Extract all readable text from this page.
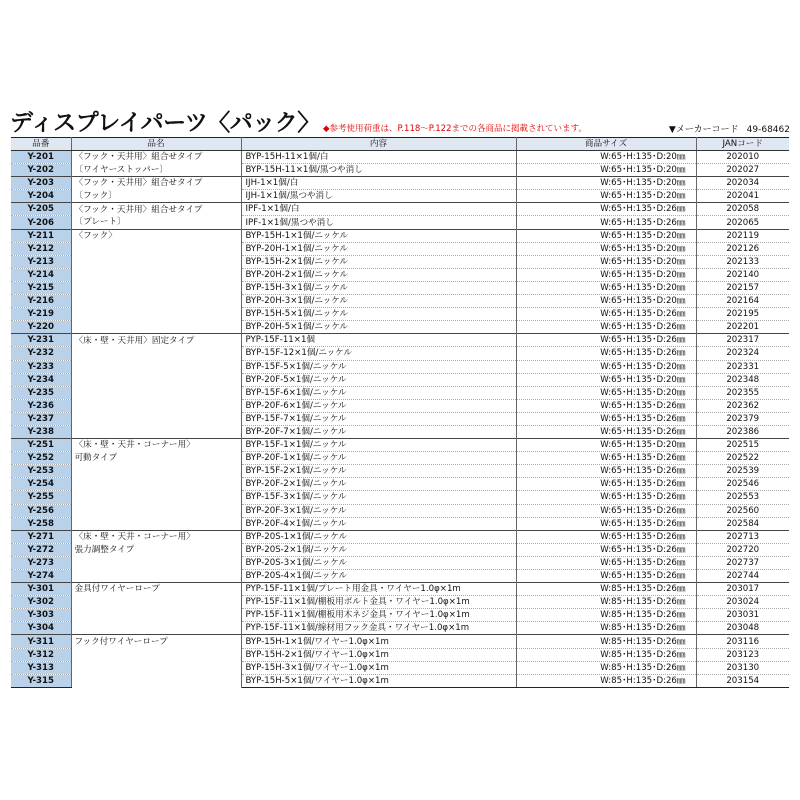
ディスプレイパーツ〈パック〉 ◆参考使用荷重は、P.118〜P.122までの各商品に掲載されています。	▼メーカーコード 49-68462
品番	品名	内容	商品サイズ	JANコード
Y-201	〈フック・天井用〉組合せタイプ	BYP-15H-11×1個/白	W:65･H:135･D:20㎜	202010
Y-202	〔ワイヤーストッパー〕	BYP-15H-11×1個/黒つや消し	W:65･H:135･D:20㎜	202027
Y-203	〈フック・天井用〉組合せタイプ	IJH-1×1個/白	W:65･H:135･D:20㎜	202034
Y-204	〔フック〕	IJH-1×1個/黒つや消し	W:65･H:135･D:20㎜	202041
Y-205	〈フック・天井用〉組合せタイプ	IPF-1×1個/白	W:65･H:135･D:26㎜	202058
Y-206	〔プレート〕	IPF-1×1個/黒つや消し	W:65･H:135･D:26㎜	202065
Y-211	〈フック〉	BYP-15H-1×1個/ニッケル	W:65･H:135･D:20㎜	202119
Y-212		BYP-20H-1×1個/ニッケル	W:65･H:135･D:20㎜	202126
Y-213		BYP-15H-2×1個/ニッケル	W:65･H:135･D:20㎜	202133
Y-214		BYP-20H-2×1個/ニッケル	W:65･H:135･D:20㎜	202140
Y-215		BYP-15H-3×1個/ニッケル	W:65･H:135･D:20㎜	202157
Y-216		BYP-20H-3×1個/ニッケル	W:65･H:135･D:20㎜	202164
Y-219		BYP-15H-5×1個/ニッケル	W:65･H:135･D:26㎜	202195
Y-220		BYP-20H-5×1個/ニッケル	W:65･H:135･D:26㎜	202201
Y-231	〈床・壁・天井用〉固定タイプ	PYP-15F-11×1個	W:65･H:135･D:26㎜	202317
Y-232		BYP-15F-12×1個/ニッケル	W:65･H:135･D:26㎜	202324
Y-233		BYP-15F-5×1個/ニッケル	W:65･H:135･D:20㎜	202331
Y-234		BYP-20F-5×1個/ニッケル	W:65･H:135･D:20㎜	202348
Y-235		BYP-15F-6×1個/ニッケル	W:65･H:135･D:20㎜	202355
Y-236		BYP-20F-6×1個/ニッケル	W:65･H:135･D:26㎜	202362
Y-237		BYP-15F-7×1個/ニッケル	W:65･H:135･D:26㎜	202379
Y-238		BYP-20F-7×1個/ニッケル	W:65･H:135･D:26㎜	202386
Y-251	〈床・壁・天井・コーナー用〉	BYP-15F-1×1個/ニッケル	W:65･H:135･D:20㎜	202515
Y-252	可動タイプ	BYP-20F-1×1個/ニッケル	W:65･H:135･D:26㎜	202522
Y-253		BYP-15F-2×1個/ニッケル	W:65･H:135･D:26㎜	202539
Y-254		BYP-20F-2×1個/ニッケル	W:65･H:135･D:26㎜	202546
Y-255		BYP-15F-3×1個/ニッケル	W:65･H:135･D:26㎜	202553
Y-256		BYP-20F-3×1個/ニッケル	W:65･H:135･D:26㎜	202560
Y-258		BYP-20F-4×1個/ニッケル	W:65･H:135･D:26㎜	202584
Y-271	〈床・壁・天井・コーナー用〉	BYP-20S-1×1個/ニッケル	W:65･H:135･D:26㎜	202713
Y-272	張力調整タイプ	BYP-20S-2×1個/ニッケル	W:65･H:135･D:26㎜	202720
Y-273		BYP-20S-3×1個/ニッケル	W:65･H:135･D:26㎜	202737
Y-274		BYP-20S-4×1個/ニッケル	W:65･H:135･D:26㎜	202744
Y-301	金具付ワイヤーロープ	PYP-15F-11×1個/プレート用金具・ワイヤー1.0φ×1m	W:85･H:135･D:26㎜	203017
Y-302		PYP-15F-11×1個/棚板用ボルト金具・ワイヤー1.0φ×1m	W:85･H:135･D:26㎜	203024
Y-303		PYP-15F-11×1個/棚板用木ネジ金具・ワイヤー1.0φ×1m	W:85･H:135･D:26㎜	203031
Y-304		PYP-15F-11×1個/線材用フック金具・ワイヤー1.0φ×1m	W:85･H:135･D:26㎜	203048
Y-311	フック付ワイヤーロープ	BYP-15H-1×1個/ワイヤー1.0φ×1m	W:85･H:135･D:26㎜	203116
Y-312		BYP-15H-2×1個/ワイヤー1.0φ×1m	W:85･H:135･D:26㎜	203123
Y-313		BYP-15H-3×1個/ワイヤー1.0φ×1m	W:85･H:135･D:26㎜	203130
Y-315		BYP-15H-5×1個/ワイヤー1.0φ×1m	W:85･H:135･D:26㎜	203154
